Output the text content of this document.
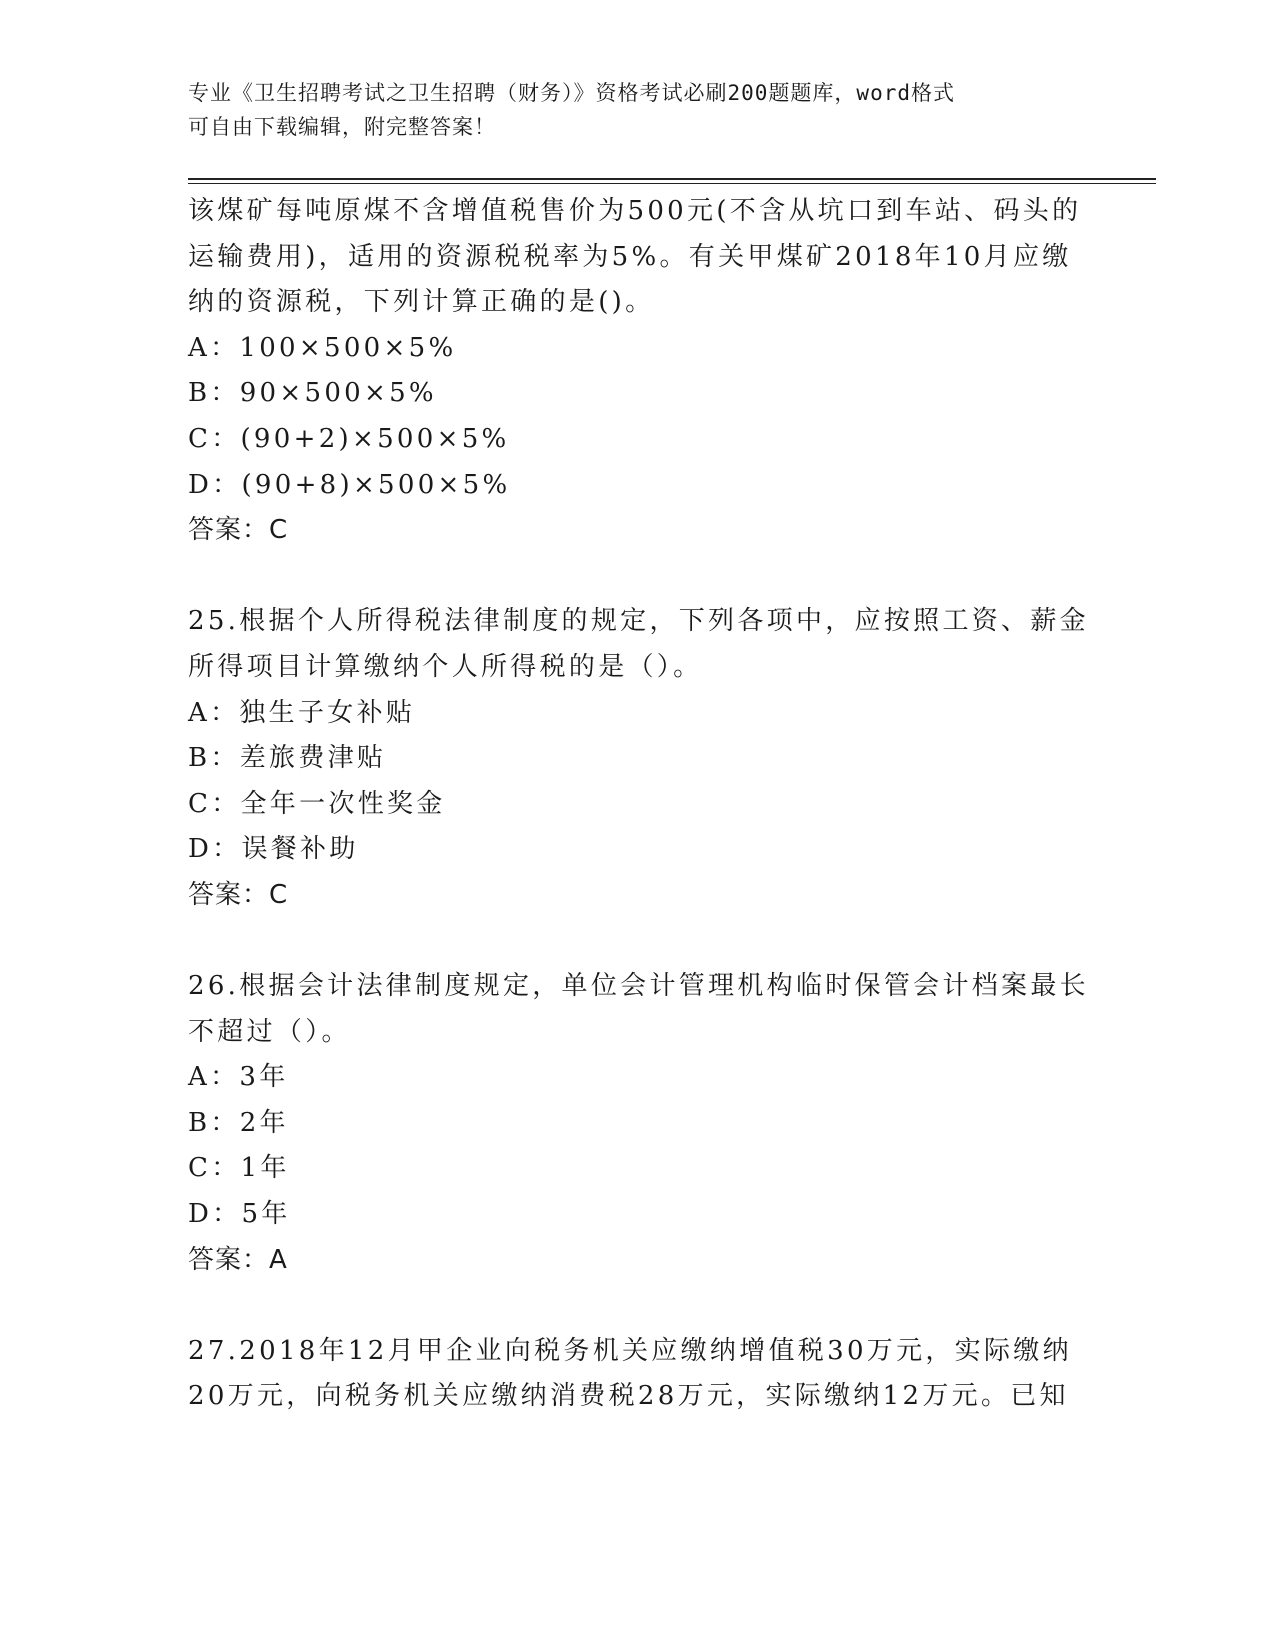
专业《卫生招聘考试之卫生招聘（财务）》资格考试必刷200题题库，word格式

可自由下载编辑，附完整答案！

该煤矿每吨原煤不含增值税售价为500元(不含从坑口到车站、码头的

运输费用)，适用的资源税税率为5%。有关甲煤矿2018年10月应缴

纳的资源税，下列计算正确的是()。

A：100×500×5%

B：90×500×5%

C：(90+2)×500×5%

D：(90+8)×500×5%

答案：C

25.根据个人所得税法律制度的规定，下列各项中，应按照工资、薪金

所得项目计算缴纳个人所得税的是（）。

A：独生子女补贴

B：差旅费津贴

C：全年一次性奖金

D：误餐补助

答案：C

26.根据会计法律制度规定，单位会计管理机构临时保管会计档案最长

不超过（）。

A：3年

B：2年

C：1年

D：5年

答案：A

27.2018年12月甲企业向税务机关应缴纳增值税30万元，实际缴纳

20万元，向税务机关应缴纳消费税28万元，实际缴纳12万元。已知
